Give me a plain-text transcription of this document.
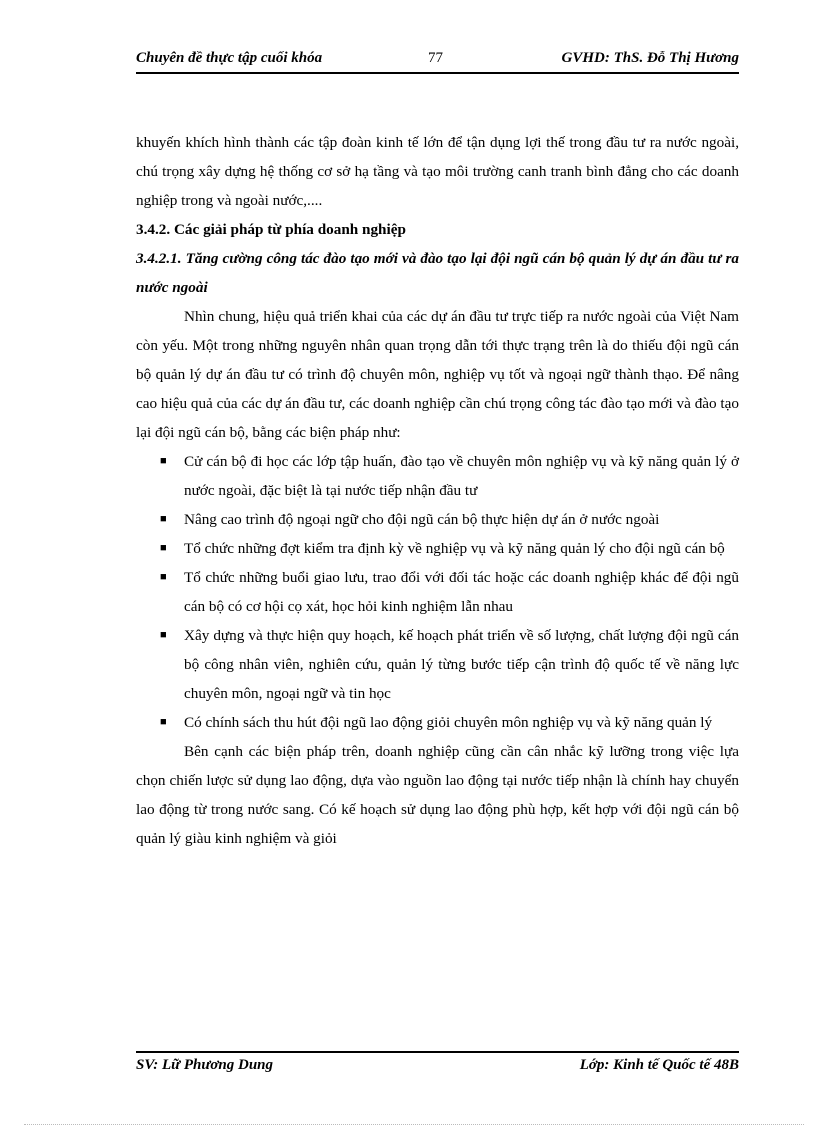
Chuyên đề thực tập cuối khóa	77	GVHD: ThS. Đỗ Thị Hương

khuyến khích hình thành các tập đoàn kinh tế lớn để tận dụng lợi thế trong đầu tư ra nước ngoài, chú trọng xây dựng hệ thống cơ sở hạ tầng và tạo môi trường canh tranh bình đẳng cho các doanh nghiệp trong và ngoài nước,....

3.4.2. Các giải pháp từ phía doanh nghiệp

3.4.2.1. Tăng cường công tác đào tạo mới và đào tạo lại đội ngũ cán bộ quản lý dự án đầu tư ra nước ngoài

Nhìn chung, hiệu quả triển khai của các dự án đầu tư trực tiếp ra nước ngoài của Việt Nam còn yếu. Một trong những nguyên nhân quan trọng dẫn tới thực trạng trên là do thiếu đội ngũ cán bộ quản lý dự án đầu tư có trình độ chuyên môn, nghiệp vụ tốt và ngoại ngữ thành thạo. Để nâng cao hiệu quả của các dự án đầu tư, các doanh nghiệp cần chú trọng công tác đào tạo mới và đào tạo lại đội ngũ cán bộ, bằng các biện pháp như:

■ Cử cán bộ đi học các lớp tập huấn, đào tạo về chuyên môn nghiệp vụ và kỹ năng quản lý ở nước ngoài, đặc biệt là tại nước tiếp nhận đầu tư
■ Nâng cao trình độ ngoại ngữ cho đội ngũ cán bộ thực hiện dự án ở nước ngoài
■ Tổ chức những đợt kiểm tra định kỳ về nghiệp vụ và kỹ năng quản lý cho đội ngũ cán bộ
■ Tổ chức những buổi giao lưu, trao đổi với đối tác hoặc các doanh nghiệp khác để đội ngũ cán bộ có cơ hội cọ xát, học hỏi kinh nghiệm lẫn nhau
■ Xây dựng và thực hiện quy hoạch, kế hoạch phát triển về số lượng, chất lượng đội ngũ cán bộ công nhân viên, nghiên cứu, quản lý từng bước tiếp cận trình độ quốc tế về năng lực chuyên môn, ngoại ngữ và tin học
■ Có chính sách thu hút đội ngũ lao động giỏi chuyên môn nghiệp vụ và kỹ năng quản lý

Bên cạnh các biện pháp trên, doanh nghiệp cũng cần cân nhắc kỹ lưỡng trong việc lựa chọn chiến lược sử dụng lao động, dựa vào nguồn lao động tại nước tiếp nhận là chính hay chuyển lao động từ trong nước sang. Có kế hoạch sử dụng lao động phù hợp, kết hợp với đội ngũ cán bộ quản lý giàu kinh nghiệm và giỏi

SV: Lữ Phương Dung	Lớp: Kinh tế Quốc tế 48B
